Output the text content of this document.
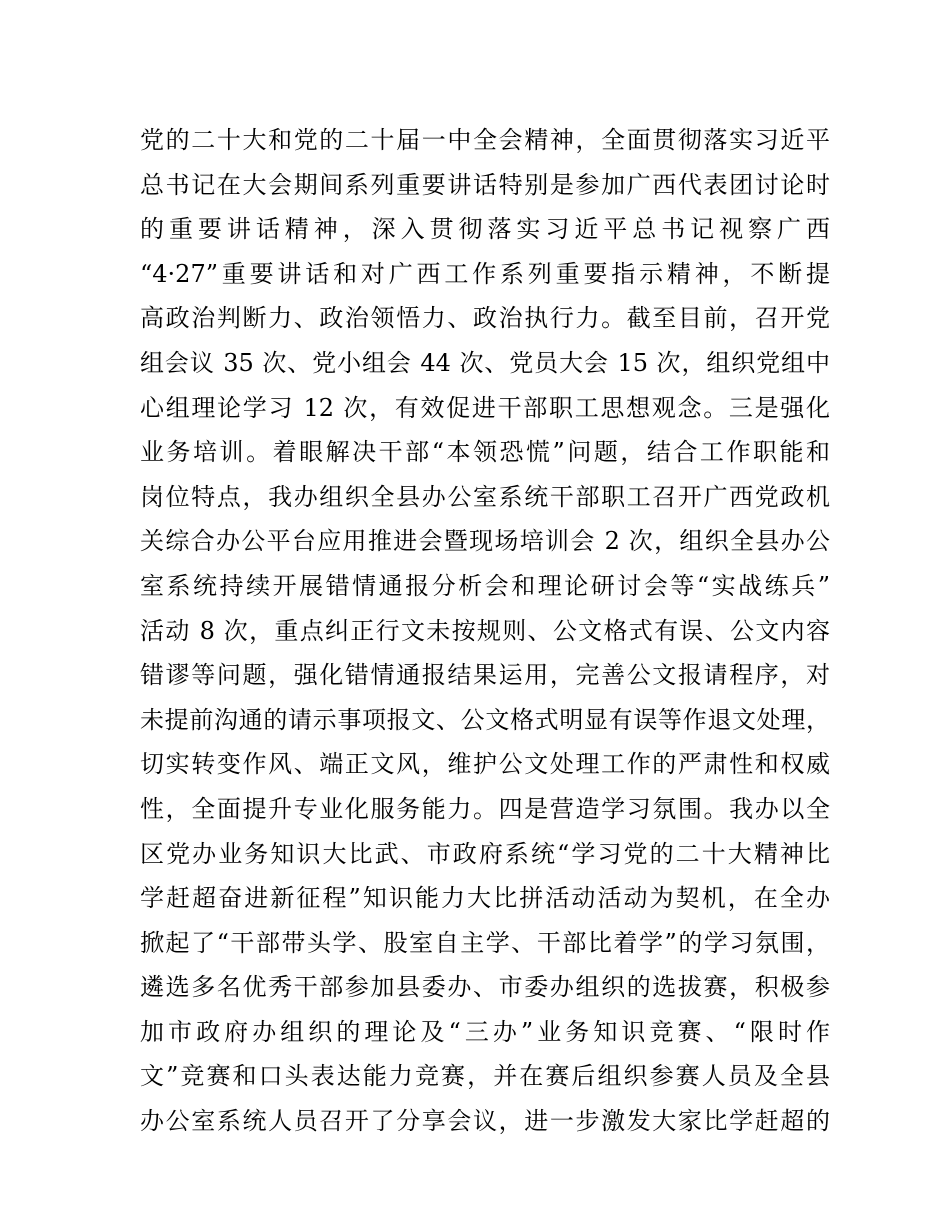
党的二十大和党的二十届一中全会精神，全面贯彻落实习近平
总书记在大会期间系列重要讲话特别是参加广西代表团讨论时
的重要讲话精神，深入贯彻落实习近平总书记视察广西
“4·27”重要讲话和对广西工作系列重要指示精神，不断提
高政治判断力、政治领悟力、政治执行力。截至目前，召开党
组会议 35 次、党小组会 44 次、党员大会 15 次，组织党组中
心组理论学习 12 次，有效促进干部职工思想观念。三是强化
业务培训。着眼解决干部“本领恐慌”问题，结合工作职能和
岗位特点，我办组织全县办公室系统干部职工召开广西党政机
关综合办公平台应用推进会暨现场培训会 2 次，组织全县办公
室系统持续开展错情通报分析会和理论研讨会等“实战练兵”
活动 8 次，重点纠正行文未按规则、公文格式有误、公文内容
错谬等问题，强化错情通报结果运用，完善公文报请程序，对
未提前沟通的请示事项报文、公文格式明显有误等作退文处理，
切实转变作风、端正文风，维护公文处理工作的严肃性和权威
性，全面提升专业化服务能力。四是营造学习氛围。我办以全
区党办业务知识大比武、市政府系统“学习党的二十大精神比
学赶超奋进新征程”知识能力大比拼活动活动为契机，在全办
掀起了“干部带头学、股室自主学、干部比着学”的学习氛围，
遴选多名优秀干部参加县委办、市委办组织的选拔赛，积极参
加市政府办组织的理论及“三办”业务知识竞赛、“限时作
文”竞赛和口头表达能力竞赛，并在赛后组织参赛人员及全县
办公室系统人员召开了分享会议，进一步激发大家比学赶超的
